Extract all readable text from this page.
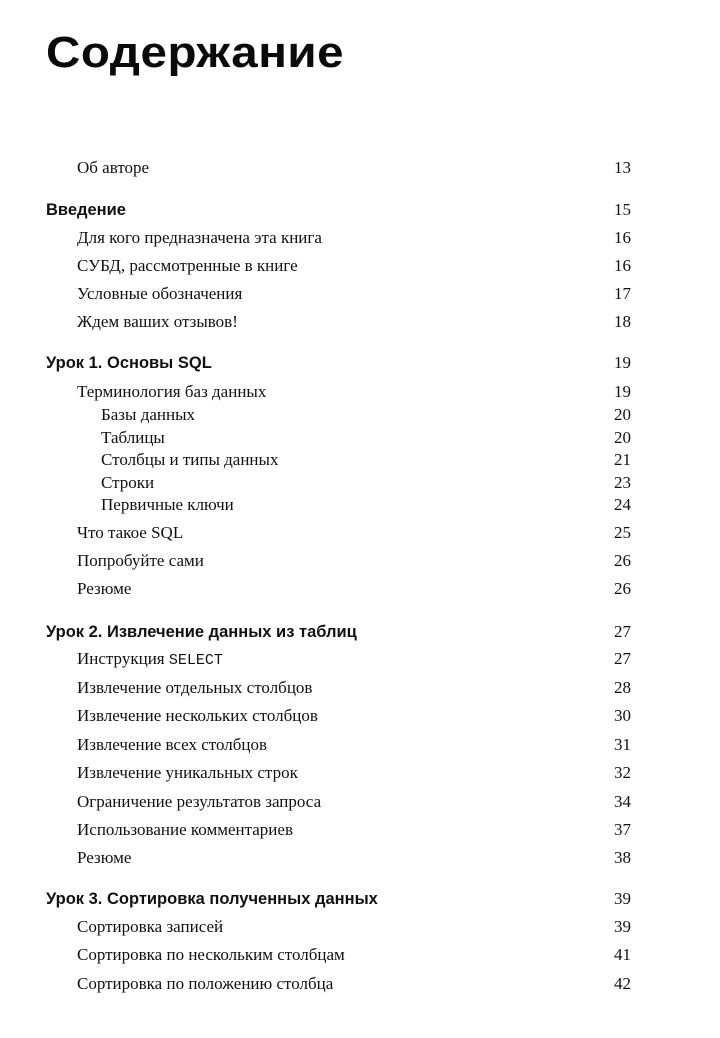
Содержание
Об авторе	13
Введение	15
Для кого предназначена эта книга	16
СУБД, рассмотренные в книге	16
Условные обозначения	17
Ждем ваших отзывов!	18
Урок 1. Основы SQL	19
Терминология баз данных	19
Базы данных	20
Таблицы	20
Столбцы и типы данных	21
Строки	23
Первичные ключи	24
Что такое SQL	25
Попробуйте сами	26
Резюме	26
Урок 2. Извлечение данных из таблиц	27
Инструкция SELECT	27
Извлечение отдельных столбцов	28
Извлечение нескольких столбцов	30
Извлечение всех столбцов	31
Извлечение уникальных строк	32
Ограничение результатов запроса	34
Использование комментариев	37
Резюме	38
Урок 3. Сортировка полученных данных	39
Сортировка записей	39
Сортировка по нескольким столбцам	41
Сортировка по положению столбца	42
